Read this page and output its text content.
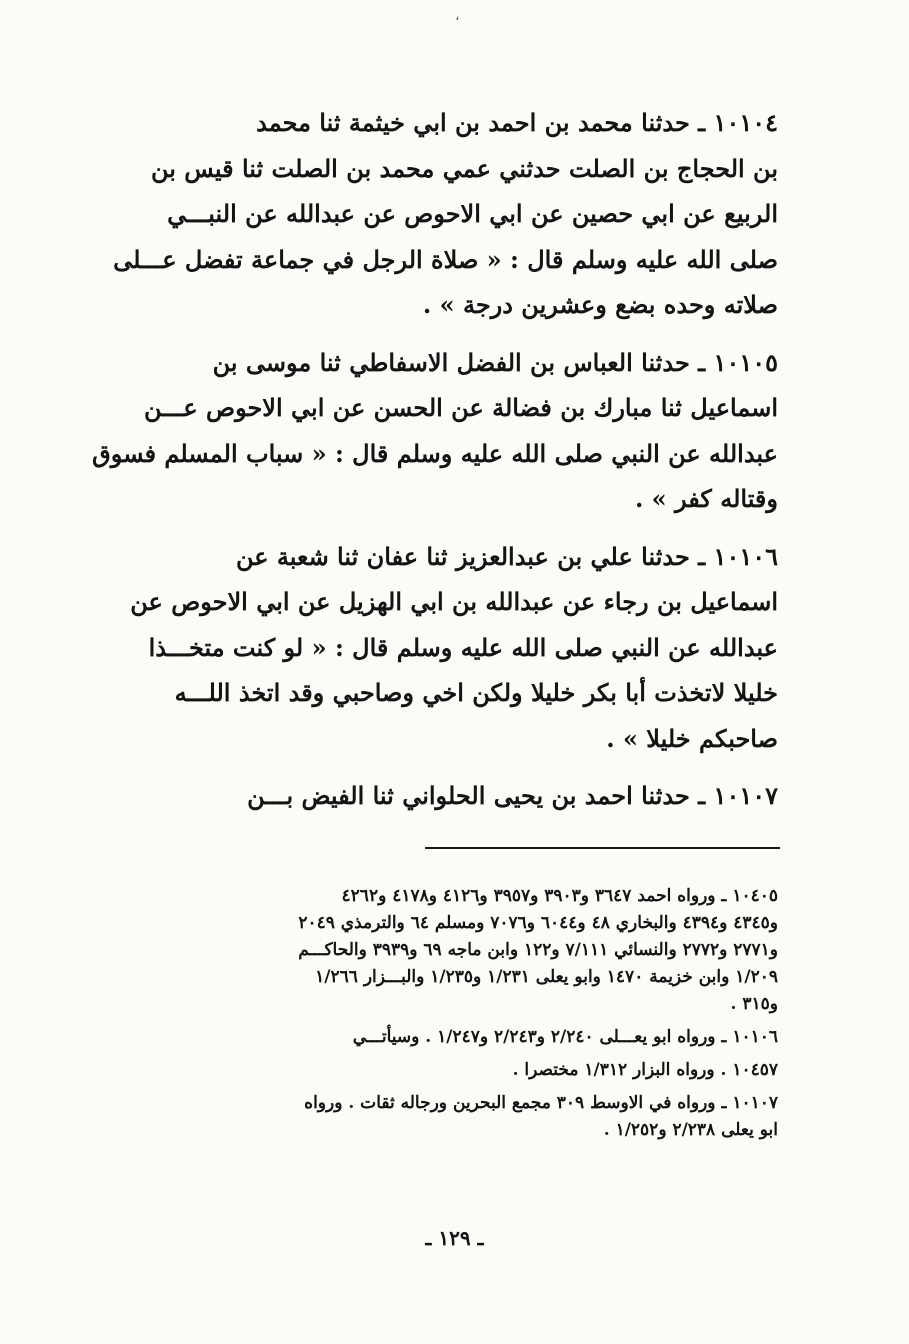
،
١٠١٠٤ ـ حدثنا محمد بن احمد بن ابي خيثمة ثنا محمد
بن الحجاج بن الصلت حدثني عمي محمد بن الصلت ثنا قيس بن
الربيع عن ابي حصين عن ابي الاحوص عن عبدالله عن النبـــي
صلى الله عليه وسلم قال : « صلاة الرجل في جماعة تفضل عـــلى
صلاته وحده بضع وعشرين درجة » .
١٠١٠٥ ـ حدثنا العباس بن الفضل الاسفاطي ثنا موسى بن
اسماعيل ثنا مبارك بن فضالة عن الحسن عن ابي الاحوص عـــن
عبدالله عن النبي صلى الله عليه وسلم قال : « سباب المسلم فسوق
وقتاله كفر » .
١٠١٠٦ ـ حدثنا علي بن عبدالعزيز ثنا عفان ثنا شعبة عن
اسماعيل بن رجاء عن عبدالله بن ابي الهزيل عن ابي الاحوص عن
عبدالله عن النبي صلى الله عليه وسلم قال : « لو كنت متخـــذا
خليلا لاتخذت أبا بكر خليلا ولكن اخي وصاحبي وقد اتخذ اللـــه
صاحبكم خليلا » .
١٠١٠٧ ـ حدثنا احمد بن يحيى الحلواني ثنا الفيض بـــن
١٠٤٠٥ ـ ورواه احمد ٣٦٤٧ و٣٩٠٣ و٣٩٥٧ و٤١٢٦ و٤١٧٨ و٤٢٦٢
و٤٣٤٥ و٤٣٩٤ والبخاري ٤٨ و٦٠٤٤ و٧٠٧٦ ومسلم ٦٤ والترمذي ٢٠٤٩
و٢٧٧١ و٢٧٧٢ والنسائي ٧/١١١ و١٢٢ وابن ماجه ٦٩ و٣٩٣٩ والحاكـــم
١/٢٠٩ وابن خزيمة ١٤٧٠ وابو يعلى ١/٢٣١ و١/٢٣٥ والبـــزار ١/٢٦٦
و٣١٥ .
١٠١٠٦ ـ ورواه ابو يعـــلى ٢/٢٤٠ و٢/٢٤٣ و١/٢٤٧ . وسيأتـــي
١٠٤٥٧ . ورواه البزار ١/٣١٢ مختصرا .
١٠١٠٧ ـ ورواه في الاوسط ٣٠٩ مجمع البحرين ورجاله ثقات . ورواه
ابو يعلى ٢/٢٣٨ و١/٢٥٢ .
ـ ١٢٩ ـ
